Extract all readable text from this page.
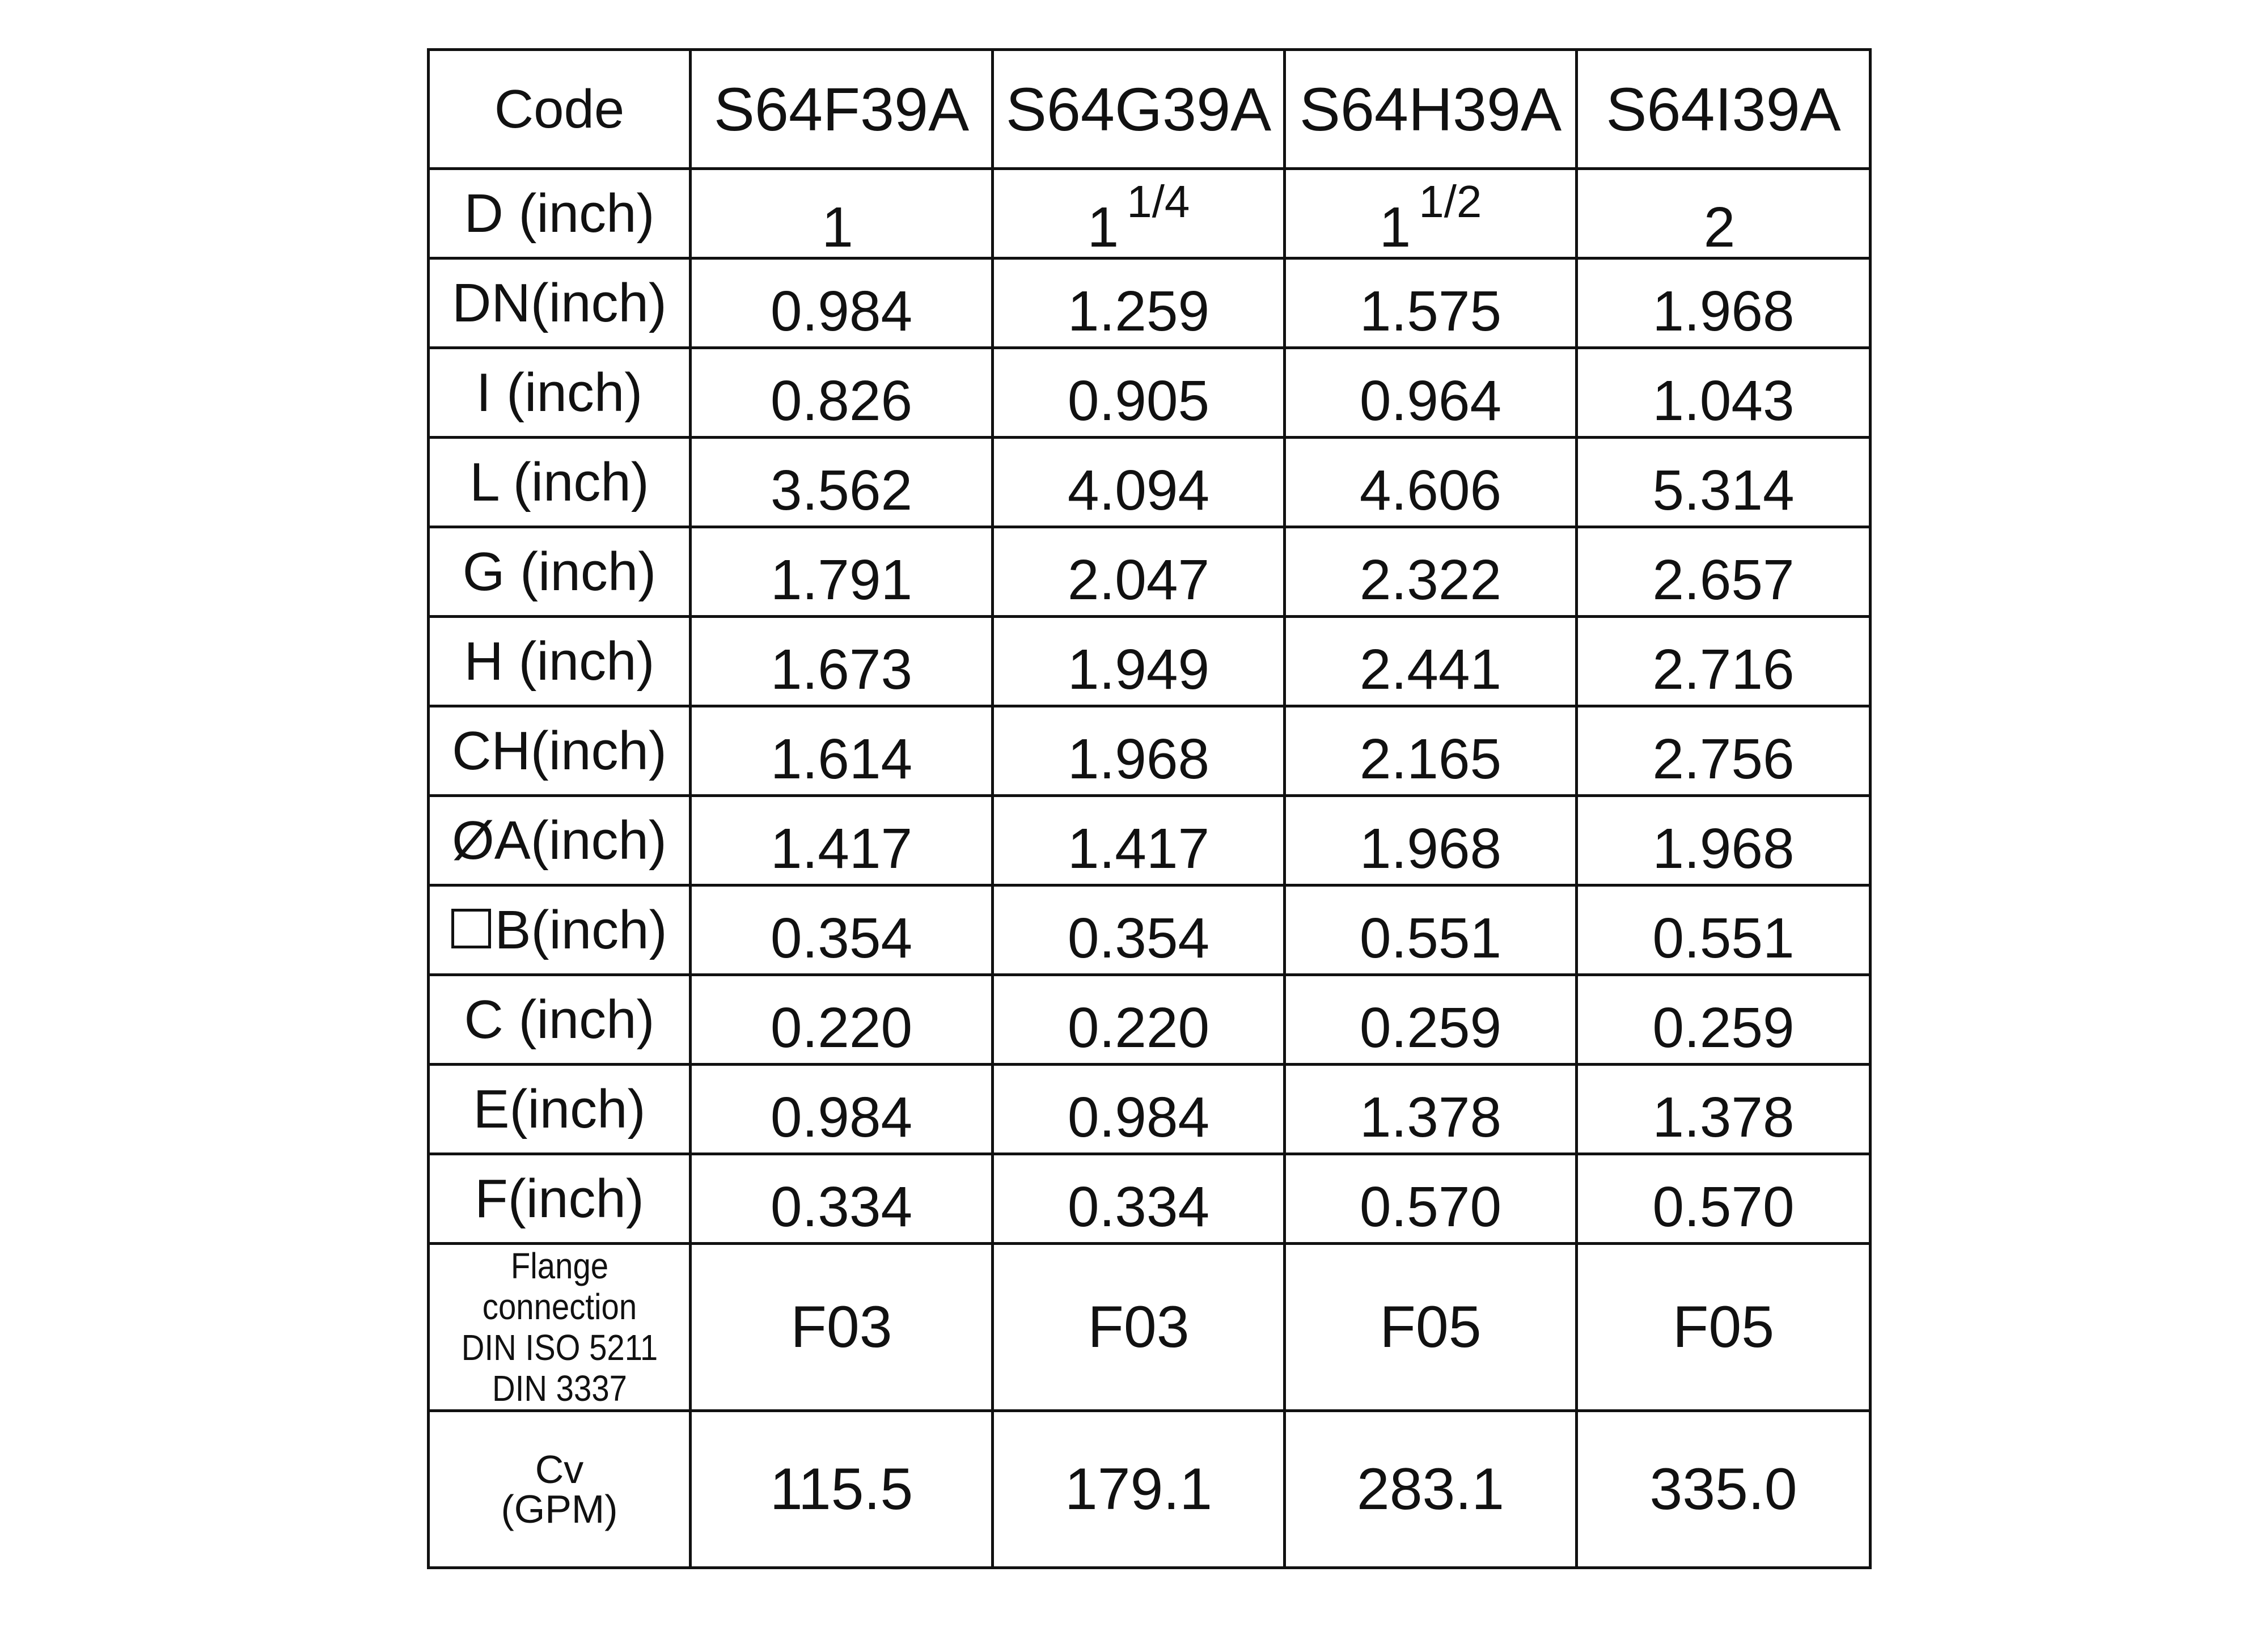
Code	S64F39A	S64G39A	S64H39A	S64I39A
D (inch)	1	1 $^{1/4}$	1 $^{1/2}$	2
DN(inch)	0.984	1.259	1.575	1.968
I (inch)	0.826	0.905	0.964	1.043
L (inch)	3.562	4.094	4.606	5.314
G (inch)	1.791	2.047	2.322	2.657
H (inch)	1.673	1.949	2.441	2.716
CH(inch)	1.614	1.968	2.165	2.756
ØA(inch)	1.417	1.417	1.968	1.968
B(inch)	0.354	0.354	0.551	0.551
C (inch)	0.220	0.220	0.259	0.259
E(inch)	0.984	0.984	1.378	1.378
F(inch)	0.334	0.334	0.570	0.570

Flange
connection
DIN ISO 5211
DIN 3337	F03	F03	F05	F05

Cv
(GPM)	115.5	179.1	283.1	335.0
